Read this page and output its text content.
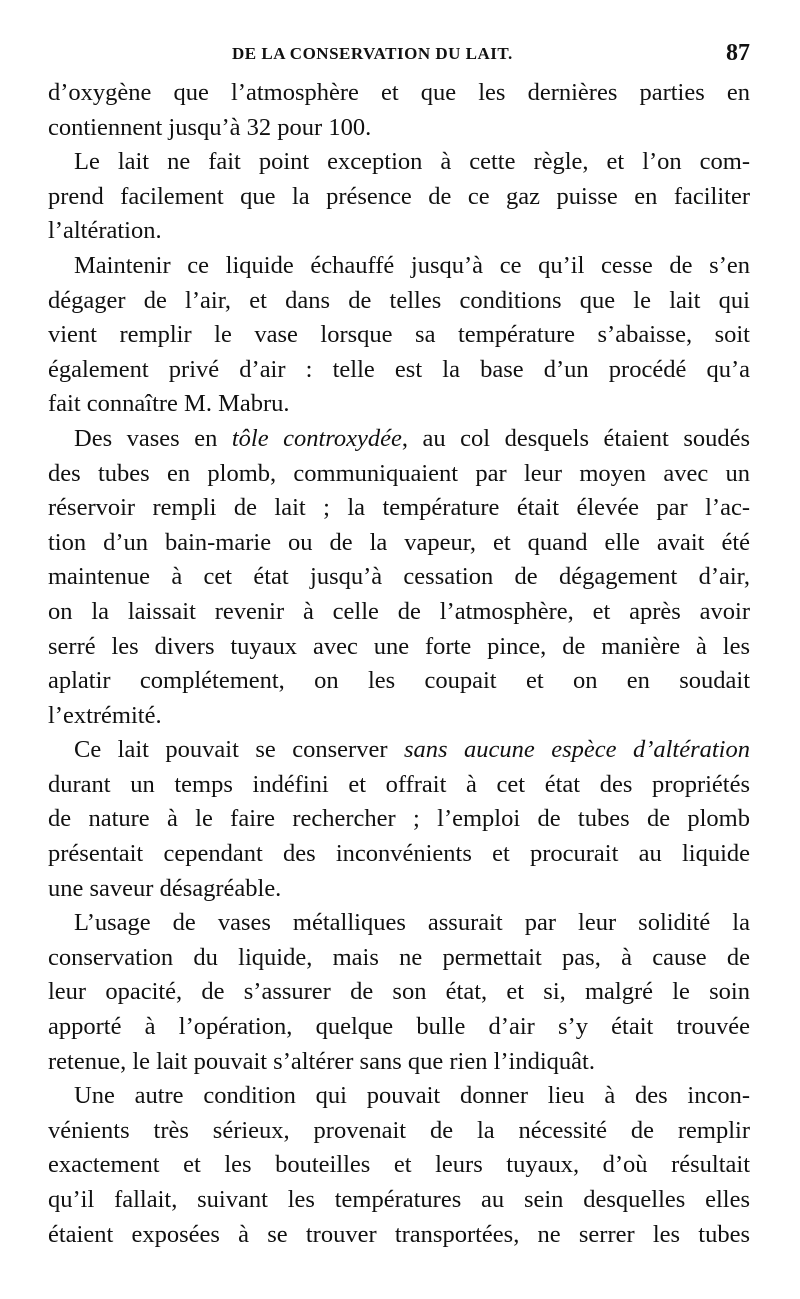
DE LA CONSERVATION DU LAIT.	87
d’oxygène que l’atmosphère et que les dernières parties en
contiennent jusqu’à 32 pour 100.
Le lait ne fait point exception à cette règle, et l’on com-
prend facilement que la présence de ce gaz puisse en faciliter
l’altération.
Maintenir ce liquide échauffé jusqu’à ce qu’il cesse de s’en
dégager de l’air, et dans de telles conditions que le lait qui
vient remplir le vase lorsque sa température s’abaisse, soit
également privé d’air : telle est la base d’un procédé qu’a
fait connaître M. Mabru.
Des vases en tôle controxydée, au col desquels étaient soudés
des tubes en plomb, communiquaient par leur moyen avec un
réservoir rempli de lait ; la température était élevée par l’ac-
tion d’un bain-marie ou de la vapeur, et quand elle avait été
maintenue à cet état jusqu’à cessation de dégagement d’air,
on la laissait revenir à celle de l’atmosphère, et après avoir
serré les divers tuyaux avec une forte pince, de manière à les
aplatir complétement, on les coupait et on en soudait
l’extrémité.
Ce lait pouvait se conserver sans aucune espèce d’altération
durant un temps indéfini et offrait à cet état des propriétés
de nature à le faire rechercher ; l’emploi de tubes de plomb
présentait cependant des inconvénients et procurait au liquide
une saveur désagréable.
L’usage de vases métalliques assurait par leur solidité la
conservation du liquide, mais ne permettait pas, à cause de
leur opacité, de s’assurer de son état, et si, malgré le soin
apporté à l’opération, quelque bulle d’air s’y était trouvée
retenue, le lait pouvait s’altérer sans que rien l’indiquât.
Une autre condition qui pouvait donner lieu à des incon-
vénients très sérieux, provenait de la nécessité de remplir
exactement et les bouteilles et leurs tuyaux, d’où résultait
qu’il fallait, suivant les températures au sein desquelles elles
étaient exposées à se trouver transportées, ne serrer les tubes
